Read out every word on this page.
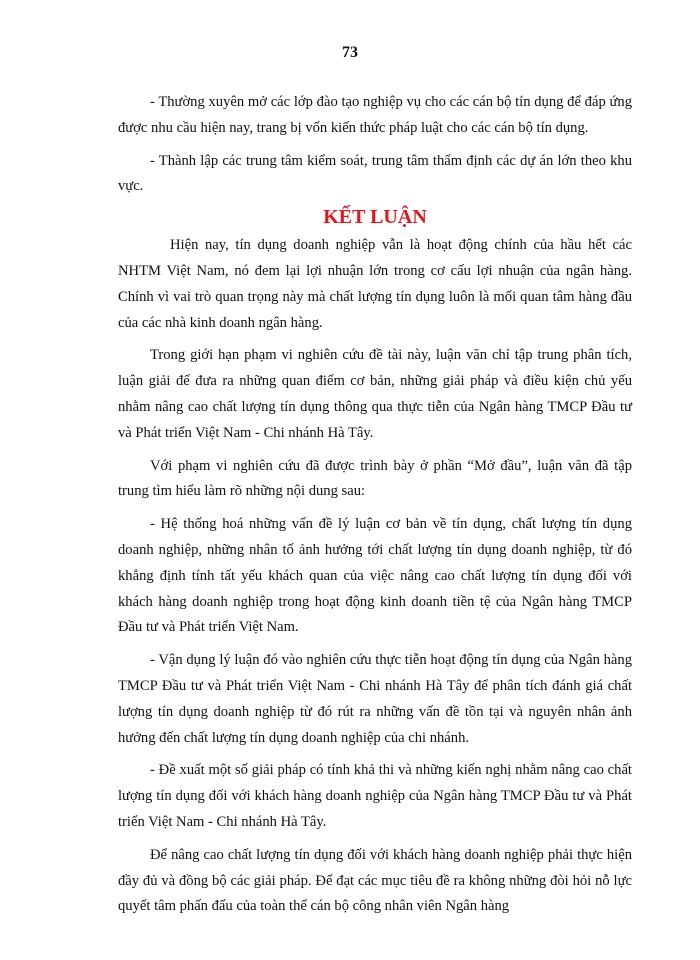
73

- Thường xuyên mở các lớp đào tạo nghiệp vụ cho các cán bộ tín dụng để đáp ứng được nhu cầu hiện nay, trang bị vốn kiến thức pháp luật cho các cán bộ tín dụng.

- Thành lập các trung tâm kiểm soát, trung tâm thẩm định các dự án lớn theo khu vực.

KẾT LUẬN

Hiện nay, tín dụng doanh nghiệp vẫn là hoạt động chính của hầu hết các NHTM Việt Nam, nó đem lại lợi nhuận lớn trong cơ cấu lợi nhuận của ngân hàng. Chính vì vai trò quan trọng này mà chất lượng tín dụng luôn là mối quan tâm hàng đầu của các nhà kinh doanh ngân hàng.

Trong giới hạn phạm vi nghiên cứu đề tài này, luận văn chỉ tập trung phân tích, luận giải để đưa ra những quan điểm cơ bản, những giải pháp và điều kiện chủ yếu nhằm nâng cao chất lượng tín dụng thông qua thực tiễn của Ngân hàng TMCP Đầu tư và Phát triển Việt Nam - Chi nhánh Hà Tây.

Với phạm vi nghiên cứu đã được trình bày ở phần “Mở đầu”, luận văn đã tập trung tìm hiểu làm rõ những nội dung sau:

- Hệ thống hoá những vấn đề lý luận cơ bản về tín dụng, chất lượng tín dụng doanh nghiệp, những nhân tố ảnh hưởng tới chất lượng tín dụng doanh nghiệp, từ đó khẳng định tính tất yếu khách quan của việc nâng cao chất lượng tín dụng đối với khách hàng doanh nghiệp trong hoạt động kinh doanh tiền tệ của Ngân hàng TMCP Đầu tư và Phát triển Việt Nam.

- Vận dụng lý luận đó vào nghiên cứu thực tiễn hoạt động tín dụng của Ngân hàng TMCP Đầu tư và Phát triển Việt Nam - Chi nhánh Hà Tây để phân tích đánh giá chất lượng tín dụng doanh nghiệp từ đó rút ra những vấn đề tồn tại và nguyên nhân ảnh hưởng đến chất lượng tín dụng doanh nghiệp của chi nhánh.

- Đề xuất một số giải pháp có tính khả thi và những kiến nghị nhằm nâng cao chất lượng tín dụng đối với khách hàng doanh nghiệp của Ngân hàng TMCP Đầu tư và Phát triển Việt Nam - Chi nhánh Hà Tây.

Để nâng cao chất lượng tín dụng đối với khách hàng doanh nghiệp phải thực hiện đầy đủ và đồng bộ các giải pháp. Để đạt các mục tiêu đề ra không những đòi hỏi nỗ lực quyết tâm phấn đấu của toàn thể cán bộ công nhân viên Ngân hàng
